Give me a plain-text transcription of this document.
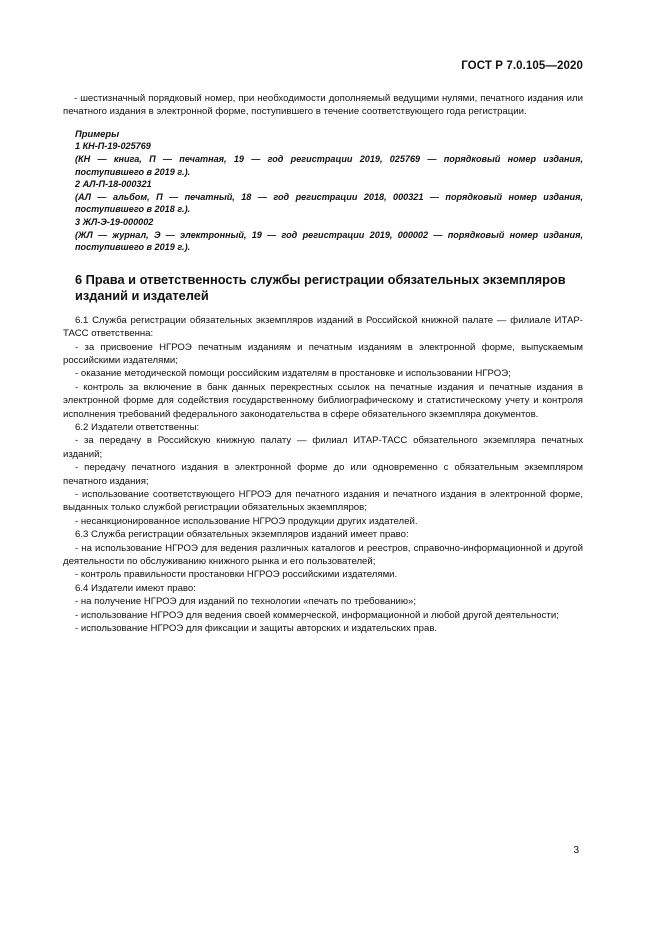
ГОСТ Р 7.0.105—2020

- шестизначный порядковый номер, при необходимости дополняемый ведущими нулями, печатного издания или печатного издания в электронной форме, поступившего в течение соответствующего года регистрации.

Примеры

1 КН-П-19-025769

(КН — книга, П — печатная, 19 — год регистрации 2019, 025769 — порядковый номер издания, поступившего в 2019 г.).

2 АЛ-П-18-000321

(АЛ — альбом, П — печатный, 18 — год регистрации 2018, 000321 — порядковый номер издания, поступившего в 2018 г.).

3 ЖЛ-Э-19-000002

(ЖЛ — журнал, Э — электронный, 19 — год регистрации 2019, 000002 — порядковый номер издания, поступившего в 2019 г.).

6 Права и ответственность службы регистрации обязательных экземпляров изданий и издателей

6.1 Служба регистрации обязательных экземпляров изданий в Российской книжной палате — филиале ИТАР-ТАСС ответственна:

- за присвоение НГРОЭ печатным изданиям и печатным изданиям в электронной форме, выпускаемым российскими издателями;

- оказание методической помощи российским издателям в простановке и использовании НГРОЭ;

- контроль за включение в банк данных перекрестных ссылок на печатные издания и печатные издания в электронной форме для содействия государственному библиографическому и статистическому учету и контроля исполнения требований федерального законодательства в сфере обязательного экземпляра документов.

6.2 Издатели ответственны:

- за передачу в Российскую книжную палату — филиал ИТАР-ТАСС обязательного экземпляра печатных изданий;

- передачу печатного издания в электронной форме до или одновременно с обязательным экземпляром печатного издания;

- использование соответствующего НГРОЭ для печатного издания и печатного издания в электронной форме, выданных только службой регистрации обязательных экземпляров;

- несанкционированное использование НГРОЭ продукции других издателей.

6.3 Служба регистрации обязательных экземпляров изданий имеет право:

- на использование НГРОЭ для ведения различных каталогов и реестров, справочно-информационной и другой деятельности по обслуживанию книжного рынка и его пользователей;

- контроль правильности простановки НГРОЭ российскими издателями.

6.4 Издатели имеют право:

- на получение НГРОЭ для изданий по технологии «печать по требованию»;

- использование НГРОЭ для ведения своей коммерческой, информационной и любой другой деятельности;

- использование НГРОЭ для фиксации и защиты авторских и издательских прав.

3
